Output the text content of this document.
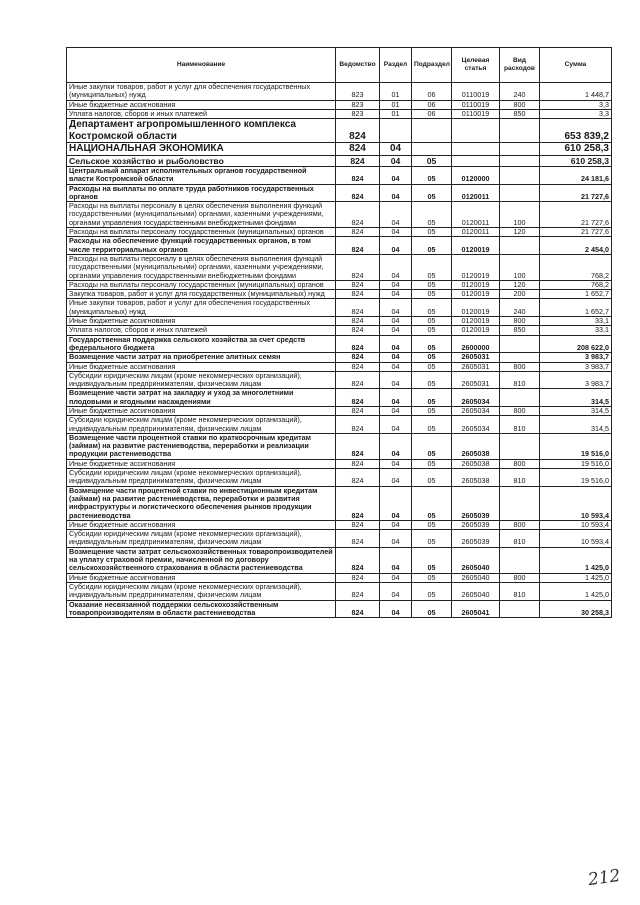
Наименование	Ведомство	Раздел	Подраздел	Целевая статья	Вид расходов	Сумма
Иные закупки товаров, работ и услуг для обеспечения государственных (муниципальных) нужд	823	01	06	0110019	240	1 448,7
Иные бюджетные ассигнования	823	01	06	0110019	800	3,3
Уплата налогов, сборов и иных платежей	823	01	06	0110019	850	3,3
Департамент агропромышленного комплекса Костромской области	824					653 839,2
НАЦИОНАЛЬНАЯ ЭКОНОМИКА	824	04				610 258,3
Сельское хозяйство и рыболовство	824	04	05			610 258,3
Центральный аппарат исполнительных органов государственной власти Костромской области	824	04	05	0120000		24 181,6
Расходы на выплаты по оплате труда работников государственных органов	824	04	05	0120011		21 727,6
Расходы на выплаты персоналу в целях обеспечения выполнения функций государственными (муниципальными) органами, казенными учреждениями, органами управления государственными внебюджетными фондами	824	04	05	0120011	100	21 727,6
Расходы на выплаты персоналу государственных (муниципальных) органов	824	04	05	0120011	120	21 727,6
Расходы на обеспечение функций государственных органов, в том числе территориальных органов	824	04	05	0120019		2 454,0
Расходы на выплаты персоналу в целях обеспечения выполнения функций государственными (муниципальными) органами, казенными учреждениями, органами управления государственными внебюджетными фондами	824	04	05	0120019	100	768,2
Расходы на выплаты персоналу государственных (муниципальных) органов	824	04	05	0120019	120	768,2
Закупка товаров, работ и услуг для государственных (муниципальных) нужд	824	04	05	0120019	200	1 652,7
Иные закупки товаров, работ и услуг для обеспечения государственных (муниципальных) нужд	824	04	05	0120019	240	1 652,7
Иные бюджетные ассигнования	824	04	05	0120019	800	33,1
Уплата налогов, сборов и иных платежей	824	04	05	0120019	850	33,1
Государственная поддержка сельского хозяйства за счет средств федерального бюджета	824	04	05	2600000		208 622,0
Возмещение части затрат на приобретение элитных семян	824	04	05	2605031		3 983,7
Иные бюджетные ассигнования	824	04	05	2605031	800	3 983,7
Субсидии юридическим лицам (кроме некоммерческих организаций), индивидуальным предпринимателям, физическим лицам	824	04	05	2605031	810	3 983,7
Возмещение части затрат на закладку и уход за многолетними плодовыми и ягодными насаждениями	824	04	05	2605034		314,5
Иные бюджетные ассигнования	824	04	05	2605034	800	314,5
Субсидии юридическим лицам (кроме некоммерческих организаций), индивидуальным предпринимателям, физическим лицам	824	04	05	2605034	810	314,5
Возмещение части процентной ставки по краткосрочным кредитам (займам) на развитие растениеводства, переработки и реализации продукции растениеводства	824	04	05	2605038		19 516,0
Иные бюджетные ассигнования	824	04	05	2605038	800	19 516,0
Субсидии юридическим лицам (кроме некоммерческих организаций), индивидуальным предпринимателям, физическим лицам	824	04	05	2605038	810	19 516,0
Возмещение части процентной ставки по инвестиционным кредитам (займам) на развитие растениеводства, переработки и развития инфраструктуры и логистического обеспечения рынков продукции растениеводства	824	04	05	2605039		10 593,4
Иные бюджетные ассигнования	824	04	05	2605039	800	10 593,4
Субсидии юридическим лицам (кроме некоммерческих организаций), индивидуальным предпринимателям, физическим лицам	824	04	05	2605039	810	10 593,4
Возмещение части затрат сельскохозяйственных товаропроизводителей на уплату страховой премии, начисленной по договору сельскохозяйственного страхования в области растениеводства	824	04	05	2605040		1 425,0
Иные бюджетные ассигнования	824	04	05	2605040	800	1 425,0
Субсидии юридическим лицам (кроме некоммерческих организаций), индивидуальным предпринимателям, физическим лицам	824	04	05	2605040	810	1 425,0
Оказание несвязанной поддержки сельскохозяйственным товаропроизводителям в области растениеводства	824	04	05	2605041		30 258,3
212
